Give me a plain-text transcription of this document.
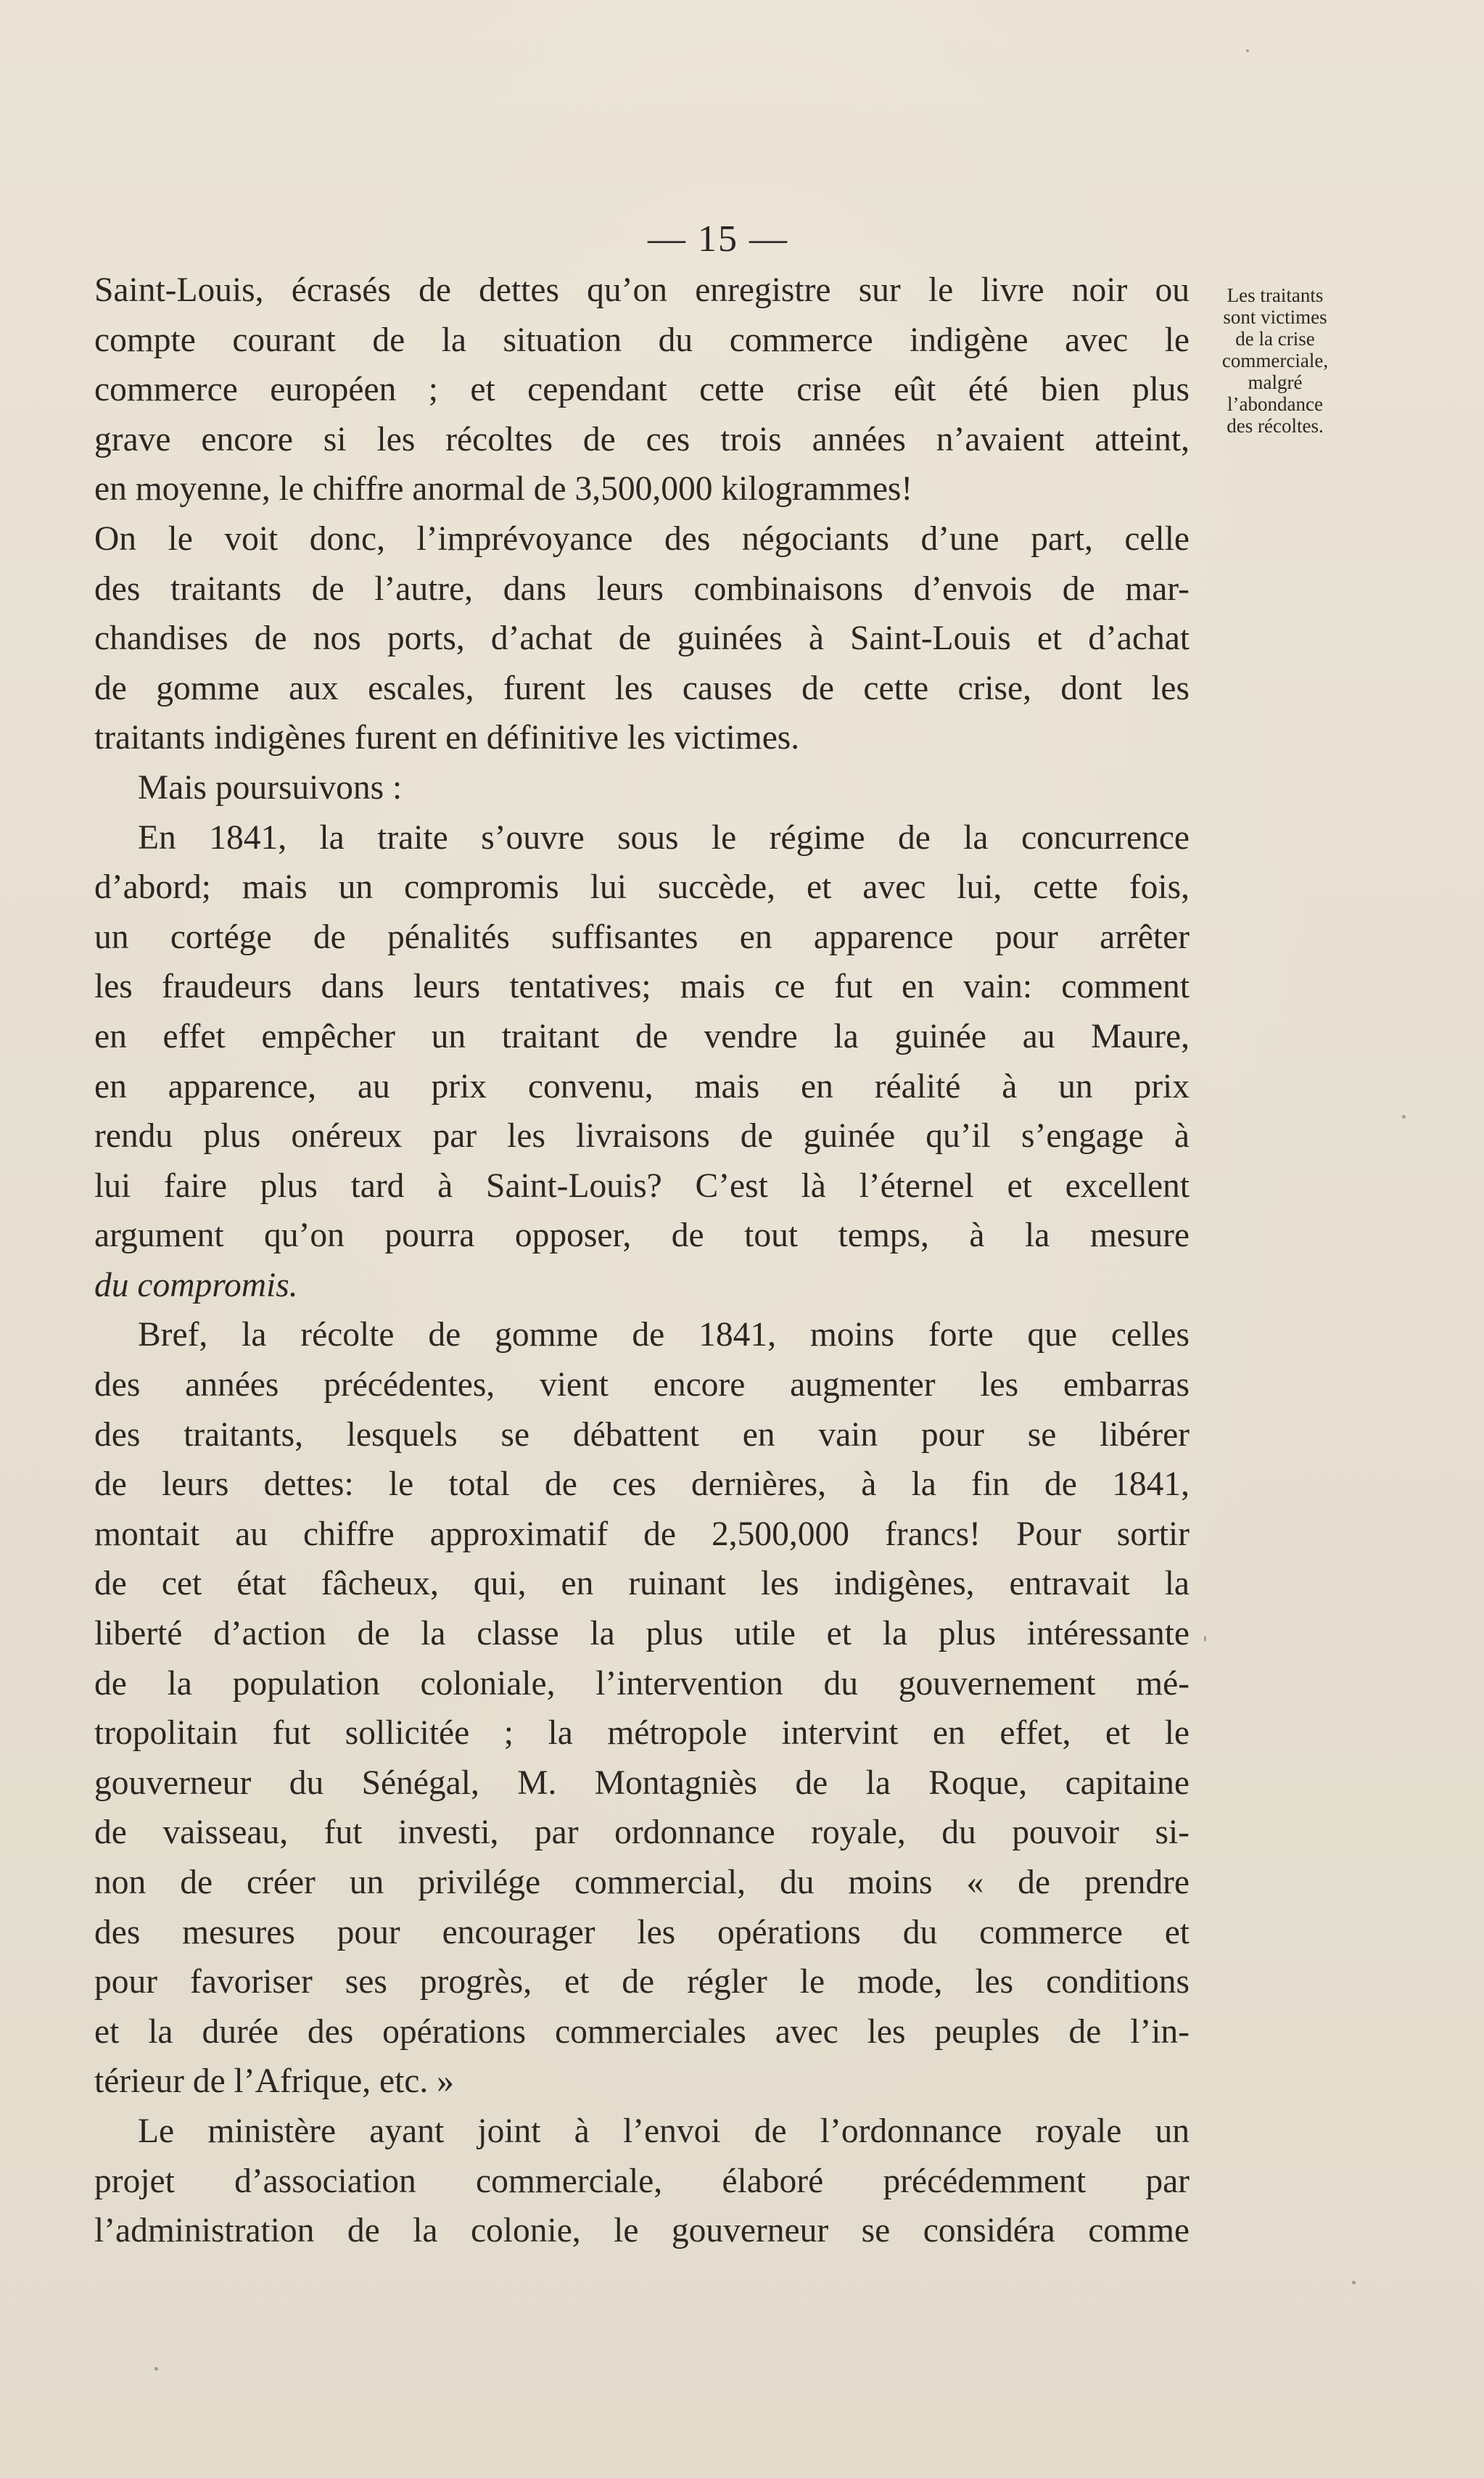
— 15 —
Saint-Louis, écrasés de dettes qu’on enregistre sur le livre noir ou
compte courant de la situation du commerce indigène avec le
commerce européen ; et cependant cette crise eût été bien plus
grave encore si les récoltes de ces trois années n’avaient atteint,
en moyenne, le chiffre anormal de 3,500,000 kilogrammes!
On le voit donc, l’imprévoyance des négociants d’une part, celle
des traitants de l’autre, dans leurs combinaisons d’envois de mar-
chandises de nos ports, d’achat de guinées à Saint-Louis et d’achat
de gomme aux escales, furent les causes de cette crise, dont les
traitants indigènes furent en définitive les victimes.
Mais poursuivons :
En 1841, la traite s’ouvre sous le régime de la concurrence
d’abord; mais un compromis lui succède, et avec lui, cette fois,
un cortége de pénalités suffisantes en apparence pour arrêter
les fraudeurs dans leurs tentatives; mais ce fut en vain: comment
en effet empêcher un traitant de vendre la guinée au Maure,
en apparence, au prix convenu, mais en réalité à un prix
rendu plus onéreux par les livraisons de guinée qu’il s’engage à
lui faire plus tard à Saint-Louis? C’est là l’éternel et excellent
argument qu’on pourra opposer, de tout temps, à la mesure
du compromis.
Bref, la récolte de gomme de 1841, moins forte que celles
des années précédentes, vient encore augmenter les embarras
des traitants, lesquels se débattent en vain pour se libérer
de leurs dettes: le total de ces dernières, à la fin de 1841,
montait au chiffre approximatif de 2,500,000 francs! Pour sortir
de cet état fâcheux, qui, en ruinant les indigènes, entravait la
liberté d’action de la classe la plus utile et la plus intéressante
de la population coloniale, l’intervention du gouvernement mé-
tropolitain fut sollicitée ; la métropole intervint en effet, et le
gouverneur du Sénégal, M. Montagniès de la Roque, capitaine
de vaisseau, fut investi, par ordonnance royale, du pouvoir si-
non de créer un privilége commercial, du moins « de prendre
des mesures pour encourager les opérations du commerce et
pour favoriser ses progrès, et de régler le mode, les conditions
et la durée des opérations commerciales avec les peuples de l’in-
térieur de l’Afrique, etc. »
Le ministère ayant joint à l’envoi de l’ordonnance royale un
projet d’association commerciale, élaboré précédemment par
l’administration de la colonie, le gouverneur se considéra comme
Les traitants
sont victimes
de la crise
commerciale,
malgré
l’abondance
des récoltes.
